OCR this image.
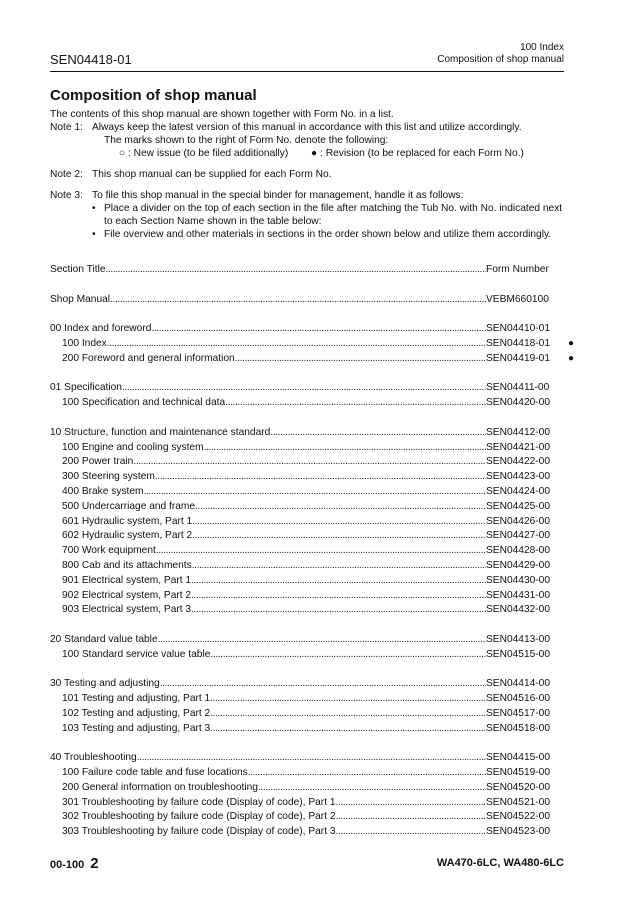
SEN04418-01
100 Index
Composition of shop manual
Composition of shop manual
The contents of this shop manual are shown together with Form No. in a list.
Note 1: Always keep the latest version of this manual in accordance with this list and utilize accordingly.
The marks shown to the right of Form No. denote the following:
○ : New issue (to be filed additionally) ● : Revision (to be replaced for each Form No.)
Note 2: This shop manual can be supplied for each Form No.
Note 3: To file this shop manual in the special binder for management, handle it as follows:
• Place a divider on the top of each section in the file after matching the Tub No. with No. indicated next to each Section Name shown in the table below:
• File overview and other materials in sections in the order shown below and utilize them accordingly.
Section Title . . .	Form Number
Shop Manual . . .	VEBM660100
00 Index and foreword . . .	SEN04410-01
100 Index . . .	SEN04418-01	●
200 Foreword and general information . . .	SEN04419-01	●
01 Specification . . .	SEN04411-00
100 Specification and technical data . . .	SEN04420-00
10 Structure, function and maintenance standard . . .	SEN04412-00
100 Engine and cooling system . . .	SEN04421-00
200 Power train . . .	SEN04422-00
300 Steering system . . .	SEN04423-00
400 Brake system . . .	SEN04424-00
500 Undercarriage and frame . . .	SEN04425-00
601 Hydraulic system, Part 1 . . .	SEN04426-00
602 Hydraulic system, Part 2 . . .	SEN04427-00
700 Work equipment . . .	SEN04428-00
800 Cab and its attachments . . .	SEN04429-00
901 Electrical system, Part 1 . . .	SEN04430-00
902 Electrical system, Part 2 . . .	SEN04431-00
903 Electrical system, Part 3 . . .	SEN04432-00
20 Standard value table . . .	SEN04413-00
100 Standard service value table . . .	SEN04515-00
30 Testing and adjusting . . .	SEN04414-00
101 Testing and adjusting, Part 1 . . .	SEN04516-00
102 Testing and adjusting, Part 2 . . .	SEN04517-00
103 Testing and adjusting, Part 3 . . .	SEN04518-00
40 Troubleshooting . . .	SEN04415-00
100 Failure code table and fuse locations . . .	SEN04519-00
200 General information on troubleshooting . . .	SEN04520-00
301 Troubleshooting by failure code (Display of code), Part 1 . . .	SEN04521-00
302 Troubleshooting by failure code (Display of code), Part 2 . . .	SEN04522-00
303 Troubleshooting by failure code (Display of code), Part 3 . . .	SEN04523-00
00-100 2	WA470-6LC, WA480-6LC
